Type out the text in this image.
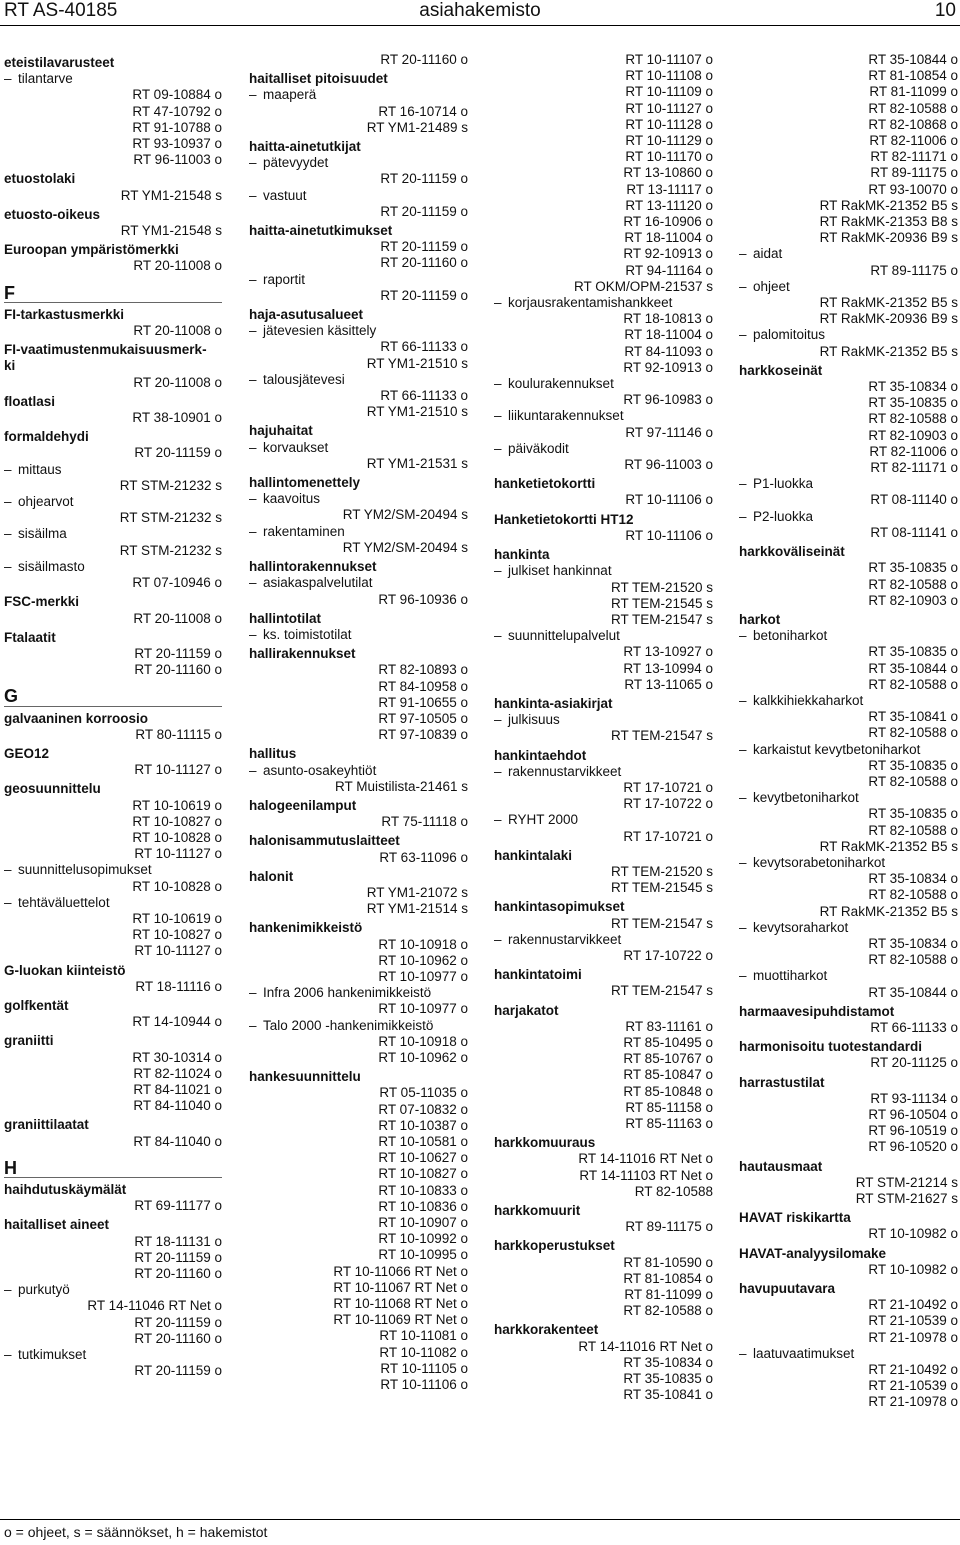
asiahakemisto
RT AS-40185	10
eteistilavarusteet
– tilantarve
RT 09-10884 o
RT 47-10792 o
RT 91-10788 o
RT 93-10937 o
RT 96-11003 o
etuostolaki
RT YM1-21548 s
etuosto-oikeus
RT YM1-21548 s
Euroopan ympäristömerkki
RT 20-11008 o
F
FI-tarkastusmerkki
RT 20-11008 o
FI-vaatimustenmukaisuusmerk-
ki
RT 20-11008 o
floatlasi
RT 38-10901 o
formaldehydi
RT 20-11159 o
– mittaus
RT STM-21232 s
– ohjearvot
RT STM-21232 s
– sisäilma
RT STM-21232 s
– sisäilmasto
RT 07-10946 o
FSC-merkki
RT 20-11008 o
Ftalaatit
RT 20-11159 o
RT 20-11160 o
G
galvaaninen korroosio
RT 80-11115 o
GEO12
RT 10-11127 o
geosuunnittelu
RT 10-10619 o
RT 10-10827 o
RT 10-10828 o
RT 10-11127 o
– suunnittelusopimukset
RT 10-10828 o
– tehtäväluettelot
RT 10-10619 o
RT 10-10827 o
RT 10-11127 o
G-luokan kiinteistö
RT 18-11116 o
golfkentät
RT 14-10944 o
graniitti
RT 30-10314 o
RT 82-11024 o
RT 84-11021 o
RT 84-11040 o
graniittilaatat
RT 84-11040 o
H
haihdutuskäymälät
RT 69-11177 o
haitalliset aineet
RT 18-11131 o
RT 20-11159 o
RT 20-11160 o
– purkutyö
RT 14-11046 RT Net o
RT 20-11159 o
RT 20-11160 o
– tutkimukset
RT 20-11159 o
RT 20-11160 o
haitalliset pitoisuudet
– maaperä
RT 16-10714 o
RT YM1-21489 s
haitta-ainetutkijat
– pätevyydet
RT 20-11159 o
– vastuut
RT 20-11159 o
haitta-ainetutkimukset
RT 20-11159 o
RT 20-11160 o
– raportit
RT 20-11159 o
haja-asutusalueet
– jätevesien käsittely
RT 66-11133 o
RT YM1-21510 s
– talousjätevesi
RT 66-11133 o
RT YM1-21510 s
hajuhaitat
– korvaukset
RT YM1-21531 s
hallintomenettely
– kaavoitus
RT YM2/SM-20494 s
– rakentaminen
RT YM2/SM-20494 s
hallintorakennukset
– asiakaspalvelutilat
RT 96-10936 o
hallintotilat
– ks. toimistotilat
hallirakennukset
RT 82-10893 o
RT 84-10958 o
RT 91-10655 o
RT 97-10505 o
RT 97-10839 o
hallitus
– asunto-osakeyhtiöt
RT Muistilista-21461 s
halogeenilamput
RT 75-11118 o
halonisammutuslaitteet
RT 63-11096 o
halonit
RT YM1-21072 s
RT YM1-21514 s
hankenimikkeistö
RT 10-10918 o
RT 10-10962 o
RT 10-10977 o
– Infra 2006 hankenimikkeistö
RT 10-10977 o
– Talo 2000 -hankenimikkeistö
RT 10-10918 o
RT 10-10962 o
hankesuunnittelu
RT 05-11035 o
RT 07-10832 o
RT 10-10387 o
RT 10-10581 o
RT 10-10627 o
RT 10-10827 o
RT 10-10833 o
RT 10-10836 o
RT 10-10907 o
RT 10-10992 o
RT 10-10995 o
RT 10-11066 RT Net o
RT 10-11067 RT Net o
RT 10-11068 RT Net o
RT 10-11069 RT Net o
RT 10-11081 o
RT 10-11082 o
RT 10-11105 o
RT 10-11106 o
RT 10-11107 o
RT 10-11108 o
RT 10-11109 o
RT 10-11127 o
RT 10-11128 o
RT 10-11129 o
RT 10-11170 o
RT 13-10860 o
RT 13-11117 o
RT 13-11120 o
RT 16-10906 o
RT 18-11004 o
RT 92-10913 o
RT 94-11164 o
RT OKM/OPM-21537 s
– korjausrakentamishankkeet
RT 18-10813 o
RT 18-11004 o
RT 84-11093 o
RT 92-10913 o
– koulurakennukset
RT 96-10983 o
– liikuntarakennukset
RT 97-11146 o
– päiväkodit
RT 96-11003 o
hanketietokortti
RT 10-11106 o
Hanketietokortti HT12
RT 10-11106 o
hankinta
– julkiset hankinnat
RT TEM-21520 s
RT TEM-21545 s
RT TEM-21547 s
– suunnittelupalvelut
RT 13-10927 o
RT 13-10994 o
RT 13-11065 o
hankinta-asiakirjat
– julkisuus
RT TEM-21547 s
hankintaehdot
– rakennustarvikkeet
RT 17-10721 o
RT 17-10722 o
– RYHT 2000
RT 17-10721 o
hankintalaki
RT TEM-21520 s
RT TEM-21545 s
hankintasopimukset
RT TEM-21547 s
– rakennustarvikkeet
RT 17-10722 o
hankintatoimi
RT TEM-21547 s
harjakatot
RT 83-11161 o
RT 85-10495 o
RT 85-10767 o
RT 85-10847 o
RT 85-10848 o
RT 85-11158 o
RT 85-11163 o
harkkomuuraus
RT 14-11016 RT Net o
RT 14-11103 RT Net o
RT 82-10588
harkkomuurit
RT 89-11175 o
harkkoperustukset
RT 81-10590 o
RT 81-10854 o
RT 81-11099 o
RT 82-10588 o
harkkorakenteet
RT 14-11016 RT Net o
RT 35-10834 o
RT 35-10835 o
RT 35-10841 o
RT 35-10844 o
RT 81-10854 o
RT 81-11099 o
RT 82-10588 o
RT 82-10868 o
RT 82-11006 o
RT 82-11171 o
RT 89-11175 o
RT 93-10070 o
RT RakMK-21352 B5 s
RT RakMK-21353 B8 s
RT RakMK-20936 B9 s
– aidat
RT 89-11175 o
– ohjeet
RT RakMK-21352 B5 s
RT RakMK-20936 B9 s
– palomitoitus
RT RakMK-21352 B5 s
harkkoseinät
RT 35-10834 o
RT 35-10835 o
RT 82-10588 o
RT 82-10903 o
RT 82-11006 o
RT 82-11171 o
– P1-luokka
RT 08-11140 o
– P2-luokka
RT 08-11141 o
harkkoväliseinät
RT 35-10835 o
RT 82-10588 o
RT 82-10903 o
harkot
– betoniharkot
RT 35-10835 o
RT 35-10844 o
RT 82-10588 o
– kalkkihiekkaharkot
RT 35-10841 o
RT 82-10588 o
– karkaistut kevytbetoniharkot
RT 35-10835 o
RT 82-10588 o
– kevytbetoniharkot
RT 35-10835 o
RT 82-10588 o
RT RakMK-21352 B5 s
– kevytsorabetoniharkot
RT 35-10834 o
RT 82-10588 o
RT RakMK-21352 B5 s
– kevytsoraharkot
RT 35-10834 o
RT 82-10588 o
– muottiharkot
RT 35-10844 o
harmaavesipuhdistamot
RT 66-11133 o
harmonisoitu tuotestandardi
RT 20-11125 o
harrastustilat
RT 93-11134 o
RT 96-10504 o
RT 96-10519 o
RT 96-10520 o
hautausmaat
RT STM-21214 s
RT STM-21627 s
HAVAT riskikartta
RT 10-10982 o
HAVAT-analyysilomake
RT 10-10982 o
havupuutavara
RT 21-10492 o
RT 21-10539 o
RT 21-10978 o
– laatuvaatimukset
RT 21-10492 o
RT 21-10539 o
RT 21-10978 o
o = ohjeet, s = säännökset, h = hakemistot
